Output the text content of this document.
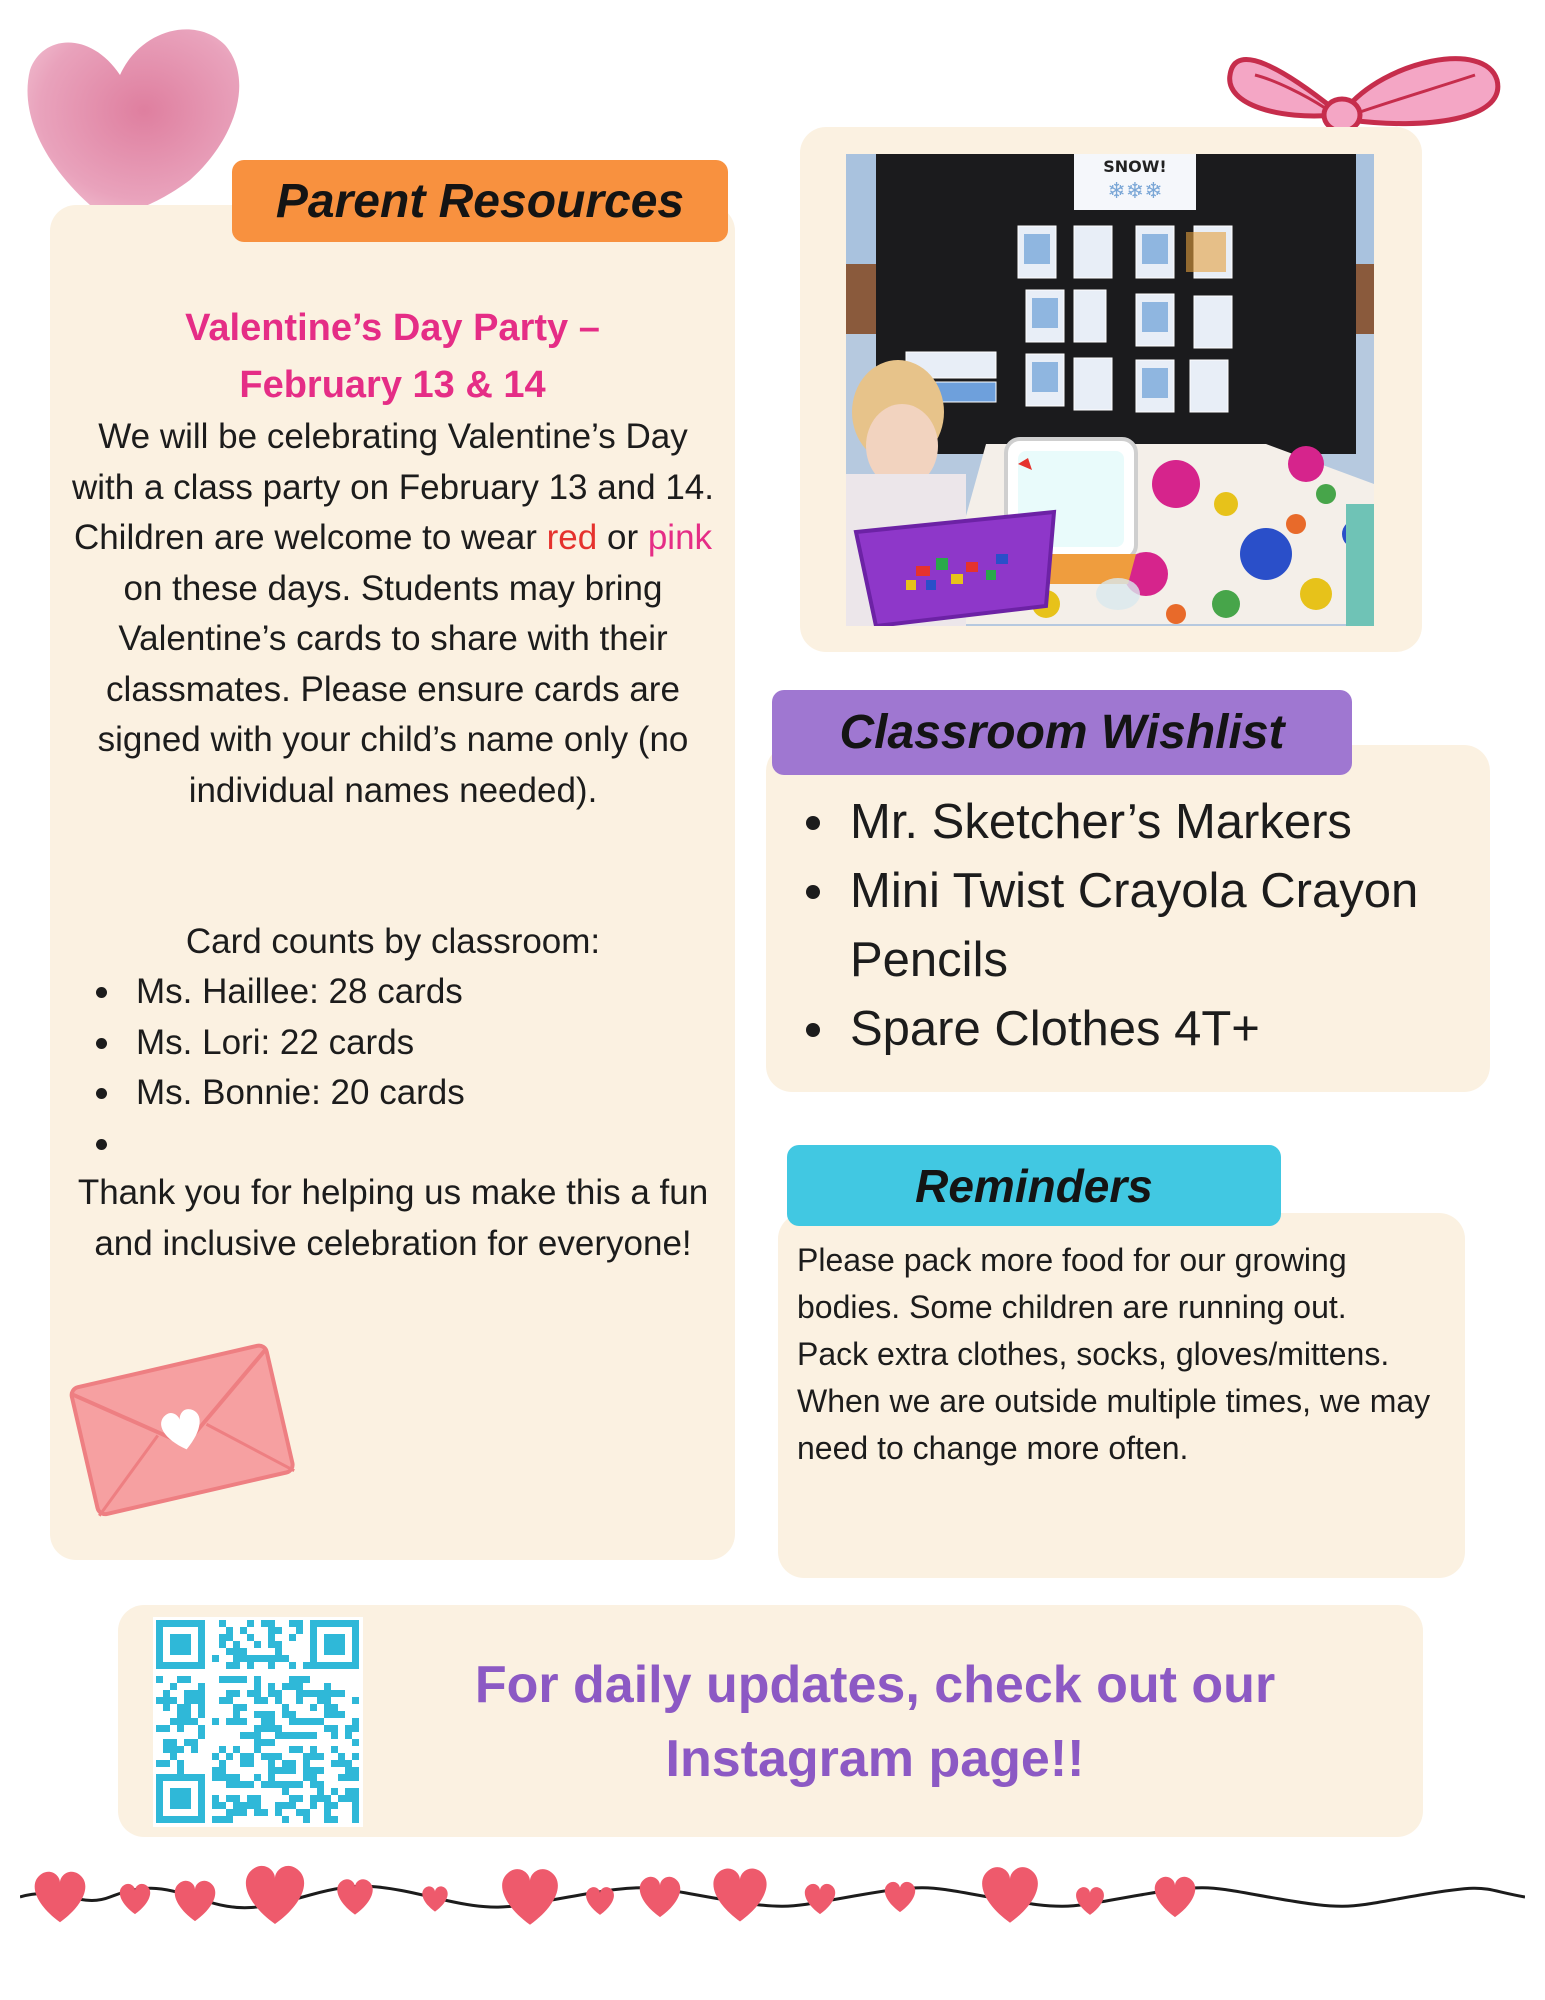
Parent Resources
Valentine’s Day Party –
February 13 & 14
We will be celebrating Valentine’s Day with a class party on February 13 and 14. Children are welcome to wear red or pink on these days. Students may bring Valentine’s cards to share with their classmates. Please ensure cards are signed with your child’s name only (no individual names needed).
Card counts by classroom:
Ms. Haillee: 28 cards
Ms. Lori: 22 cards
Ms. Bonnie: 20 cards
Thank you for helping us make this a fun and inclusive celebration for everyone!
SNOW!
❄❄❄
Classroom Wishlist
Mr. Sketcher’s Markers
Mini Twist Crayola Crayon Pencils
Spare Clothes 4T+
Reminders
Please pack more food for our growing bodies. Some children are running out.
Pack extra clothes, socks, gloves/mittens. When we are outside multiple times, we may need to change more often.
For daily updates, check out our
Instagram page!!
